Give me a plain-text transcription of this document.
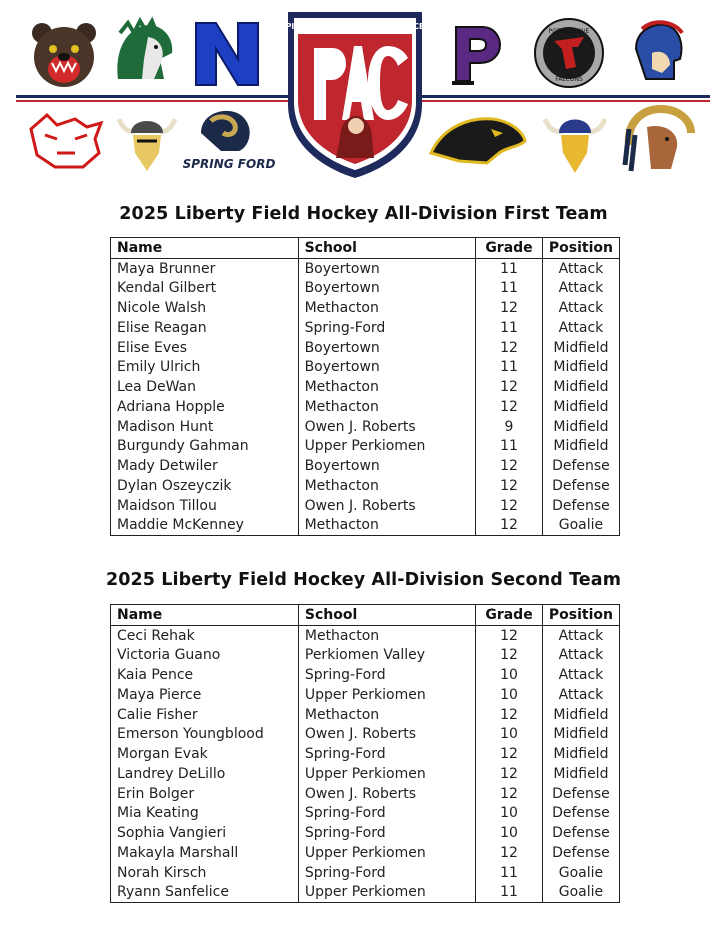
POTTSGROVE
FALCONS
PIONEER ATHLETIC CONFERENCE
SPRING FORD
2025 Liberty Field Hockey All-Division First Team
Name	School	Grade	Position
Maya Brunner	Boyertown	11	Attack
Kendal Gilbert	Boyertown	11	Attack
Nicole Walsh	Methacton	12	Attack
Elise Reagan	Spring-Ford	11	Attack
Elise Eves	Boyertown	12	Midfield
Emily Ulrich	Boyertown	11	Midfield
Lea DeWan	Methacton	12	Midfield
Adriana Hopple	Methacton	12	Midfield
Madison Hunt	Owen J. Roberts	9	Midfield
Burgundy Gahman	Upper Perkiomen	11	Midfield
Mady Detwiler	Boyertown	12	Defense
Dylan Oszeyczik	Methacton	12	Defense
Maidson Tillou	Owen J. Roberts	12	Defense
Maddie McKenney	Methacton	12	Goalie
2025 Liberty Field Hockey All-Division Second Team
Name	School	Grade	Position
Ceci Rehak	Methacton	12	Attack
Victoria Guano	Perkiomen Valley	12	Attack
Kaia Pence	Spring-Ford	10	Attack
Maya Pierce	Upper Perkiomen	10	Attack
Calie Fisher	Methacton	12	Midfield
Emerson Youngblood	Owen J. Roberts	10	Midfield
Morgan Evak	Spring-Ford	12	Midfield
Landrey DeLillo	Upper Perkiomen	12	Midfield
Erin Bolger	Owen J. Roberts	12	Defense
Mia Keating	Spring-Ford	10	Defense
Sophia Vangieri	Spring-Ford	10	Defense
Makayla Marshall	Upper Perkiomen	12	Defense
Norah Kirsch	Spring-Ford	11	Goalie
Ryann Sanfelice	Upper Perkiomen	11	Goalie
